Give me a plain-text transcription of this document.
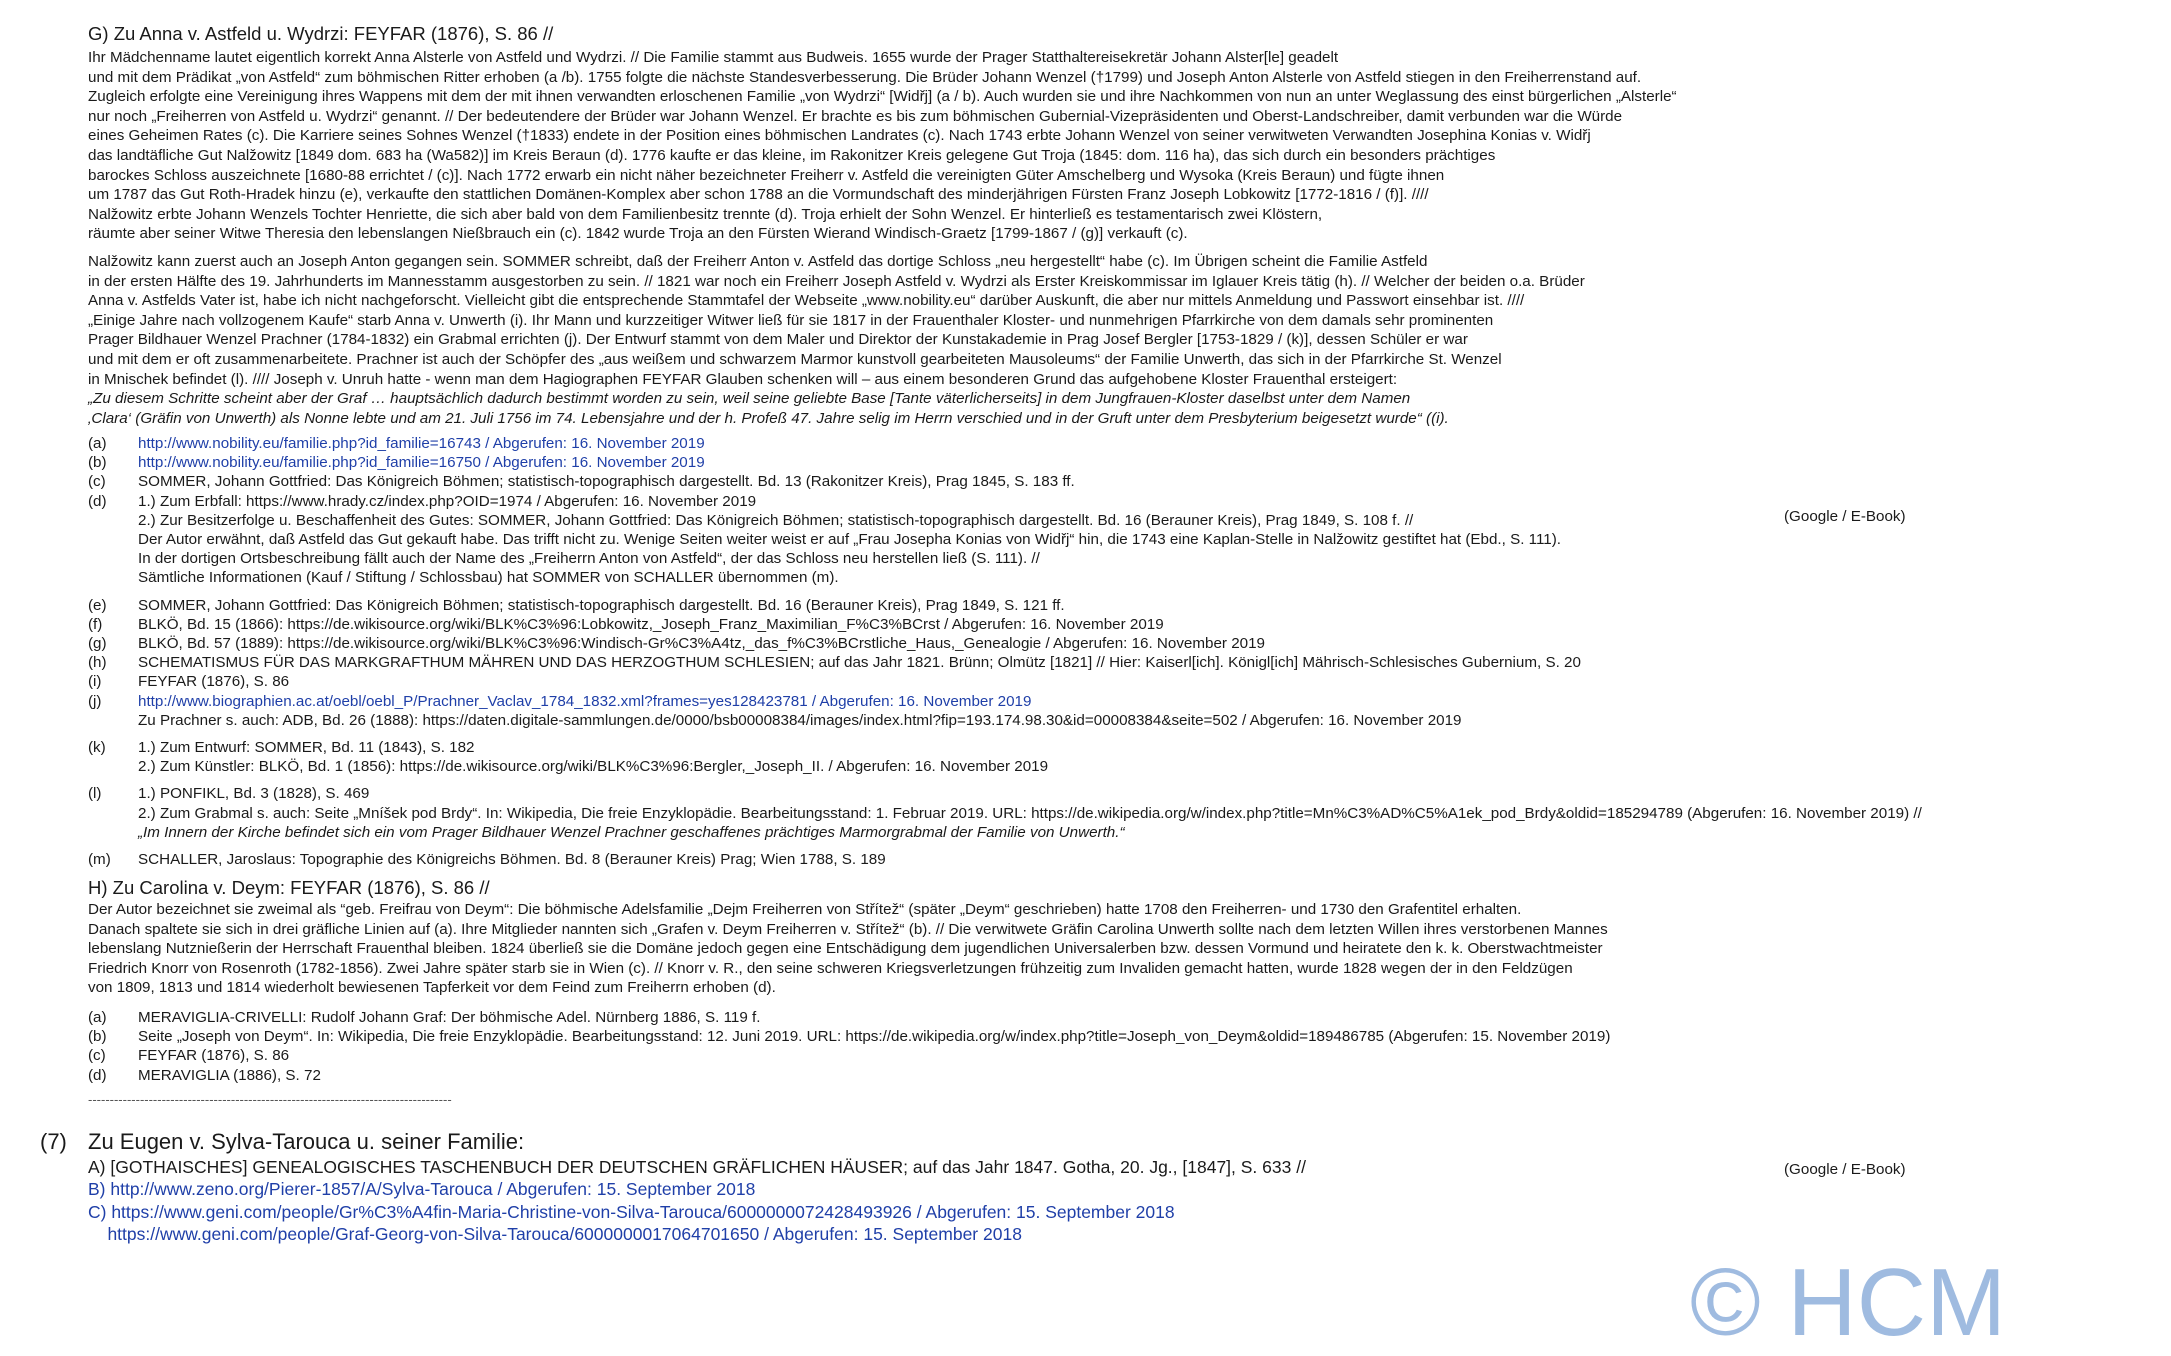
G) Zu Anna v. Astfeld u. Wydrzi: FEYFAR (1876), S. 86 //
Ihr Mädchenname lautet eigentlich korrekt Anna Alsterle von Astfeld und Wydrzi. // Die Familie stammt aus Budweis. 1655 wurde der Prager Statthaltereisekretär Johann Alster[le] geadelt
und mit dem Prädikat „von Astfeld“ zum böhmischen Ritter erhoben (a /b). 1755 folgte die nächste Standesverbesserung. Die Brüder Johann Wenzel (†1799) und Joseph Anton Alsterle von Astfeld stiegen in den Freiherrenstand auf.
Zugleich erfolgte eine Vereinigung ihres Wappens mit dem der mit ihnen verwandten erloschenen Familie „von Wydrzi“ [Widřj] (a / b). Auch wurden sie und ihre Nachkommen von nun an unter Weglassung des einst bürgerlichen „Alsterle“
nur noch „Freiherren von Astfeld u. Wydrzi“ genannt. // Der bedeutendere der Brüder war Johann Wenzel. Er brachte es bis zum böhmischen Gubernial-Vizepräsidenten und Oberst-Landschreiber, damit verbunden war die Würde
eines Geheimen Rates (c). Die Karriere seines Sohnes Wenzel (†1833) endete in der Position eines böhmischen Landrates (c). Nach 1743 erbte Johann Wenzel von seiner verwitweten Verwandten Josephina Konias v. Widřj
das landtäfliche Gut Nalžowitz [1849 dom. 683 ha (Wa582)] im Kreis Beraun (d). 1776 kaufte er das kleine, im Rakonitzer Kreis gelegene Gut Troja (1845: dom. 116 ha), das sich durch ein besonders prächtiges
barockes Schloss auszeichnete [1680-88 errichtet / (c)]. Nach 1772 erwarb ein nicht näher bezeichneter Freiherr v. Astfeld die vereinigten Güter Amschelberg und Wysoka (Kreis Beraun) und fügte ihnen
um 1787 das Gut Roth-Hradek hinzu (e), verkaufte den stattlichen Domänen-Komplex aber schon 1788 an die Vormundschaft des minderjährigen Fürsten Franz Joseph Lobkowitz [1772-1816 / (f)]. ////
Nalžowitz erbte Johann Wenzels Tochter Henriette, die sich aber bald von dem Familienbesitz trennte (d). Troja erhielt der Sohn Wenzel. Er hinterließ es testamentarisch zwei Klöstern,
räumte aber seiner Witwe Theresia den lebenslangen Nießbrauch ein (c). 1842 wurde Troja an den Fürsten Wierand Windisch-Graetz [1799-1867 / (g)] verkauft (c).
Nalžowitz kann zuerst auch an Joseph Anton gegangen sein. SOMMER schreibt, daß der Freiherr Anton v. Astfeld das dortige Schloss „neu hergestellt“ habe (c). Im Übrigen scheint die Familie Astfeld
in der ersten Hälfte des 19. Jahrhunderts im Mannesstamm ausgestorben zu sein. // 1821 war noch ein Freiherr Joseph Astfeld v. Wydrzi als Erster Kreiskommissar im Iglauer Kreis tätig (h). // Welcher der beiden o.a. Brüder
Anna v. Astfelds Vater ist, habe ich nicht nachgeforscht. Vielleicht gibt die entsprechende Stammtafel der Webseite „www.nobility.eu“ darüber Auskunft, die aber nur mittels Anmeldung und Passwort einsehbar ist. ////
„Einige Jahre nach vollzogenem Kaufe“ starb Anna v. Unwerth (i). Ihr Mann und kurzzeitiger Witwer ließ für sie 1817 in der Frauenthaler Kloster- und nunmehrigen Pfarrkirche von dem damals sehr prominenten
Prager Bildhauer Wenzel Prachner (1784-1832) ein Grabmal errichten (j). Der Entwurf stammt von dem Maler und Direktor der Kunstakademie in Prag Josef Bergler [1753-1829 / (k)], dessen Schüler er war
und mit dem er oft zusammenarbeitete. Prachner ist auch der Schöpfer des „aus weißem und schwarzem Marmor kunstvoll gearbeiteten Mausoleums“ der Familie Unwerth, das sich in der Pfarrkirche St. Wenzel
in Mnischek befindet (l). //// Joseph v. Unruh hatte - wenn man dem Hagiographen FEYFAR Glauben schenken will – aus einem besonderen Grund das aufgehobene Kloster Frauenthal ersteigert:
„Zu diesem Schritte scheint aber der Graf … hauptsächlich dadurch bestimmt worden zu sein, weil seine geliebte Base [Tante väterlicherseits] in dem Jungfrauen-Kloster daselbst unter dem Namen
‚Clara‘ (Gräfin von Unwerth) als Nonne lebte und am 21. Juli 1756 im 74. Lebensjahre und der h. Profeß 47. Jahre selig im Herrn verschied und in der Gruft unter dem Presbyterium beigesetzt wurde“ ((i).
(a)	http://www.nobility.eu/familie.php?id_familie=16743 / Abgerufen: 16. November 2019
(b)	http://www.nobility.eu/familie.php?id_familie=16750 / Abgerufen: 16. November 2019
(c)	SOMMER, Johann Gottfried: Das Königreich Böhmen; statistisch-topographisch dargestellt. Bd. 13 (Rakonitzer Kreis), Prag 1845, S. 183 ff.
(d)	1.) Zum Erbfall: https://www.hrady.cz/index.php?OID=1974 / Abgerufen: 16. November 2019
2.) Zur Besitzerfolge u. Beschaffenheit des Gutes: SOMMER, Johann Gottfried: Das Königreich Böhmen; statistisch-topographisch dargestellt. Bd. 16 (Berauner Kreis), Prag 1849, S. 108 f. //
Der Autor erwähnt, daß Astfeld das Gut gekauft habe. Das trifft nicht zu. Wenige Seiten weiter weist er auf „Frau Josepha Konias von Widřj“ hin, die 1743 eine Kaplan-Stelle in Nalžowitz gestiftet hat (Ebd., S. 111).
In der dortigen Ortsbeschreibung fällt auch der Name des „Freiherrn Anton von Astfeld“, der das Schloss neu herstellen ließ (S. 111). //
Sämtliche Informationen (Kauf / Stiftung / Schlossbau) hat SOMMER von SCHALLER übernommen (m).
(e)	SOMMER, Johann Gottfried: Das Königreich Böhmen; statistisch-topographisch dargestellt. Bd. 16 (Berauner Kreis), Prag 1849, S. 121 ff.
(f)	BLKÖ, Bd. 15 (1866): https://de.wikisource.org/wiki/BLK%C3%96:Lobkowitz,_Joseph_Franz_Maximilian_F%C3%BCrst / Abgerufen: 16. November 2019
(g)	BLKÖ, Bd. 57 (1889): https://de.wikisource.org/wiki/BLK%C3%96:Windisch-Gr%C3%A4tz,_das_f%C3%BCrstliche_Haus,_Genealogie / Abgerufen: 16. November 2019
(h)	SCHEMATISMUS FÜR DAS MARKGRAFTHUM MÄHREN UND DAS HERZOGTHUM SCHLESIEN; auf das Jahr 1821. Brünn; Olmütz [1821] // Hier: Kaiserl[ich]. Königl[ich] Mährisch-Schlesisches Gubernium, S. 20
(i)	FEYFAR (1876), S. 86
(j)	http://www.biographien.ac.at/oebl/oebl_P/Prachner_Vaclav_1784_1832.xml?frames=yes128423781 / Abgerufen: 16. November 2019
Zu Prachner s. auch: ADB, Bd. 26 (1888): https://daten.digitale-sammlungen.de/0000/bsb00008384/images/index.html?fip=193.174.98.30&id=00008384&seite=502 / Abgerufen: 16. November 2019
(k)	1.) Zum Entwurf: SOMMER, Bd. 11 (1843), S. 182
2.) Zum Künstler: BLKÖ, Bd. 1 (1856): https://de.wikisource.org/wiki/BLK%C3%96:Bergler,_Joseph_II. / Abgerufen: 16. November 2019
(l)	1.) PONFIKL, Bd. 3 (1828), S. 469
2.) Zum Grabmal s. auch: Seite „Mníšek pod Brdy“. In: Wikipedia, Die freie Enzyklopädie. Bearbeitungsstand: 1. Februar 2019. URL: https://de.wikipedia.org/w/index.php?title=Mn%C3%AD%C5%A1ek_pod_Brdy&oldid=185294789 (Abgerufen: 16. November 2019) //
„Im Innern der Kirche befindet sich ein vom Prager Bildhauer Wenzel Prachner geschaffenes prächtiges Marmorgrabmal der Familie von Unwerth.“
(m)	SCHALLER, Jaroslaus: Topographie des Königreichs Böhmen. Bd. 8 (Berauner Kreis) Prag; Wien 1788, S. 189
(Google / E-Book)
H) Zu Carolina v. Deym: FEYFAR (1876), S. 86 //
Der Autor bezeichnet sie zweimal als “geb. Freifrau von Deym“: Die böhmische Adelsfamilie „Dejm Freiherren von Střítež“ (später „Deym“ geschrieben) hatte 1708 den Freiherren- und 1730 den Grafentitel erhalten.
Danach spaltete sie sich in drei gräfliche Linien auf (a). Ihre Mitglieder nannten sich „Grafen v. Deym Freiherren v. Střítež“ (b). // Die verwitwete Gräfin Carolina Unwerth sollte nach dem letzten Willen ihres verstorbenen Mannes
lebenslang Nutznießerin der Herrschaft Frauenthal bleiben. 1824 überließ sie die Domäne jedoch gegen eine Entschädigung dem jugendlichen Universalerben bzw. dessen Vormund und heiratete den k. k. Oberstwachtmeister
Friedrich Knorr von Rosenroth (1782-1856). Zwei Jahre später starb sie in Wien (c). // Knorr v. R., den seine schweren Kriegsverletzungen frühzeitig zum Invaliden gemacht hatten, wurde 1828 wegen der in den Feldzügen
von 1809, 1813 und 1814 wiederholt bewiesenen Tapferkeit vor dem Feind zum Freiherrn erhoben (d).
(a)	MERAVIGLIA-CRIVELLI: Rudolf Johann Graf: Der böhmische Adel. Nürnberg 1886, S. 119 f.
(b)	Seite „Joseph von Deym“. In: Wikipedia, Die freie Enzyklopädie. Bearbeitungsstand: 12. Juni 2019. URL: https://de.wikipedia.org/w/index.php?title=Joseph_von_Deym&oldid=189486785 (Abgerufen: 15. November 2019)
(c)	FEYFAR (1876), S. 86
(d)	MERAVIGLIA (1886), S. 72
------------------------------------------------------------------------------------
(7) Zu Eugen v. Sylva-Tarouca u. seiner Familie:
A) [GOTHAISCHES] GENEALOGISCHES TASCHENBUCH DER DEUTSCHEN GRÄFLICHEN HÄUSER; auf das Jahr 1847. Gotha, 20. Jg., [1847], S. 633 //
B) http://www.zeno.org/Pierer-1857/A/Sylva-Tarouca / Abgerufen: 15. September 2018
C) https://www.geni.com/people/Gr%C3%A4fin-Maria-Christine-von-Silva-Tarouca/6000000072428493926 / Abgerufen: 15. September 2018
https://www.geni.com/people/Graf-Georg-von-Silva-Tarouca/6000000017064701650 / Abgerufen: 15. September 2018
(Google / E-Book)
© HCM
